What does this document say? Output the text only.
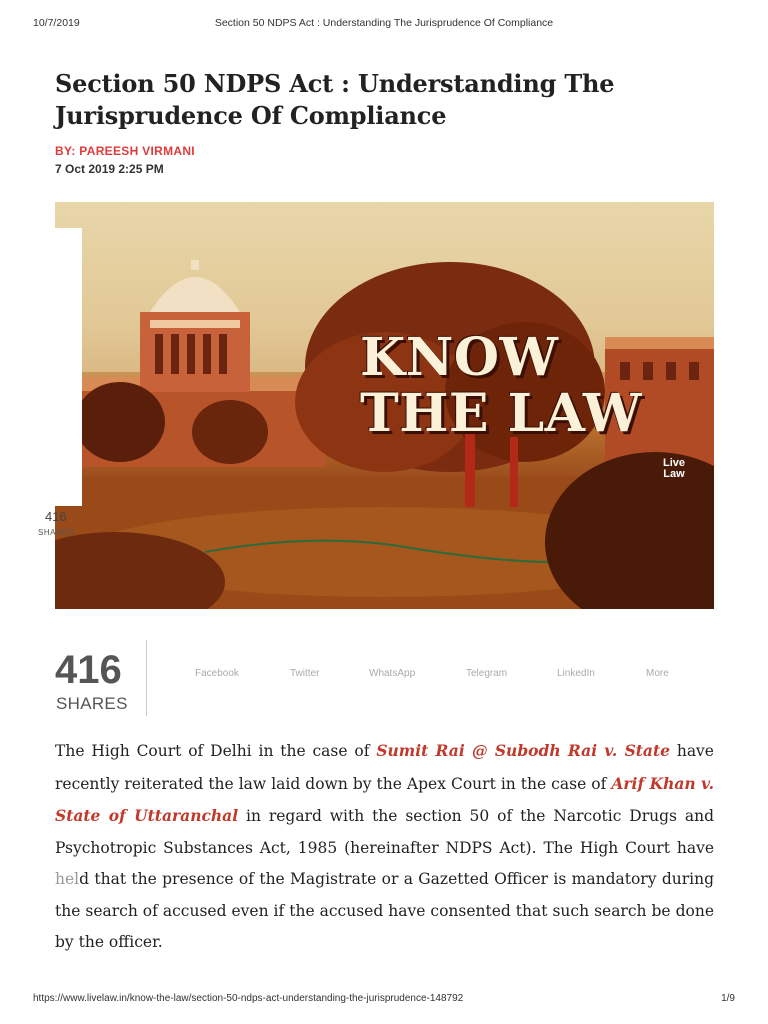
10/7/2019	Section 50 NDPS Act : Understanding The Jurisprudence Of Compliance
Section 50 NDPS Act : Understanding The Jurisprudence Of Compliance
BY: PAREESH VIRMANI
7 Oct 2019 2:25 PM
KNOW
THE LAW
Live
Law
416
SHARES
416
SHARES
Facebook	Twitter	WhatsApp	Telegram	LinkedIn	More

The High Court of Delhi in the case of Sumit Rai @ Subodh Rai v. State have recently reiterated the law laid down by the Apex Court in the case of Arif Khan v. State of Uttaranchal in regard with the section 50 of the Narcotic Drugs and Psychotropic Substances Act, 1985 (hereinafter NDPS Act). The High Court have held that the presence of the Magistrate or a Gazetted Officer is mandatory during the search of accused even if the accused have consented that such search be done by the officer.

https://www.livelaw.in/know-the-law/section-50-ndps-act-understanding-the-jurisprudence-148792	1/9
